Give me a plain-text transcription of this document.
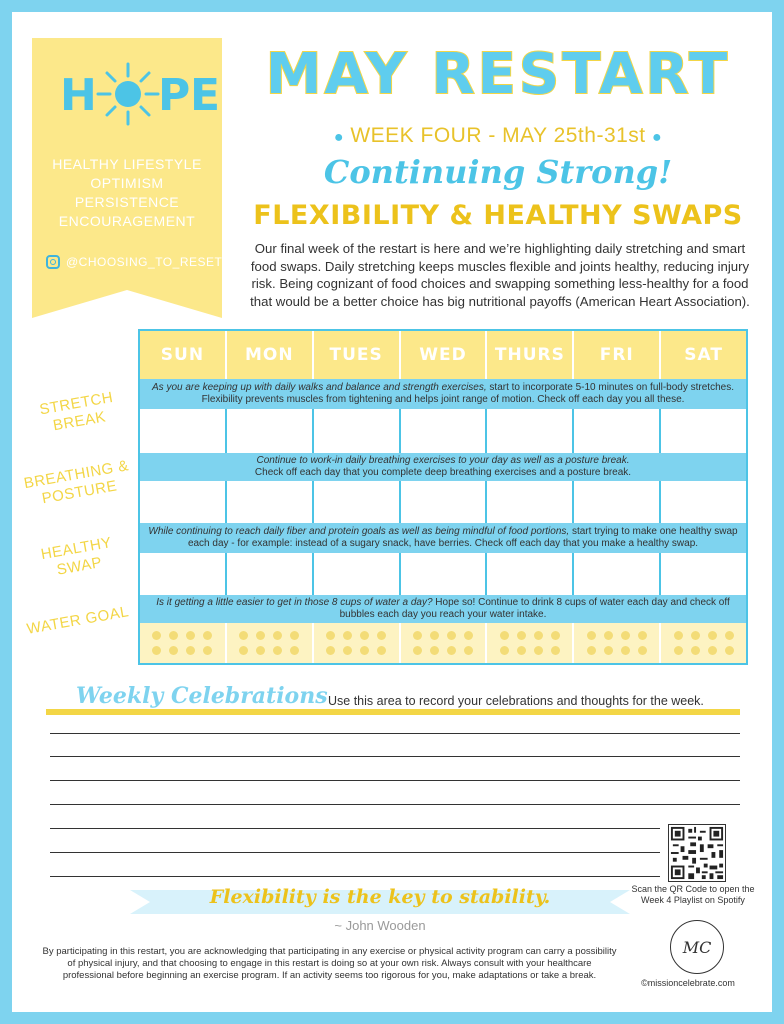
H P
E
HEALTHY LIFESTYLE
OPTIMISM
PERSISTENCE
ENCOURAGEMENT
@CHOOSING_TO_RESET
MAY RESTART
● WEEK FOUR - MAY 25th-31st ●
Continuing Strong!
FLEXIBILITY & HEALTHY SWAPS
Our final week of the restart is here and we’re highlighting daily stretching and smart food swaps. Daily stretching keeps muscles flexible and joints healthy, reducing injury risk. Being cognizant of food choices and swapping something less-healthy for a food that would be a better choice has big nutritional payoffs (American Heart Association).
STRETCH BREAK
BREATHING & POSTURE
HEALTHY SWAP
WATER GOAL
SUN	MON	TUES	WED	THURS	FRI	SAT
As you are keeping up with daily walks and balance and strength exercises, start to incorporate 5-10 minutes on full-body stretches. Flexibility prevents muscles from tightening and helps joint range of motion. Check off each day you all these.
Continue to work-in daily breathing exercises to your day as well as a posture break.
Check off each day that you complete deep breathing exercises and a posture break.
While continuing to reach daily fiber and protein goals as well as being mindful of food portions, start trying to make one healthy swap each day - for example: instead of a sugary snack, have berries. Check off each day that you make a healthy swap.
Is it getting a little easier to get in those 8 cups of water a day? Hope so! Continue to drink 8 cups of water each day and check off bubbles each day you reach your water intake.
Weekly Celebrations Use this area to record your celebrations and thoughts for the week.
Scan the QR Code to open the Week 4 Playlist on Spotify
Flexibility is the key to stability.
~ John Wooden
By participating in this restart, you are acknowledging that participating in any exercise or physical activity program can carry a possibility of physical injury, and that choosing to engage in this restart is doing so at your own risk. Always consult with your healthcare professional before beginning an exercise program. If an activity seems too rigorous for you, make adaptations or take a break.
MC
©missioncelebrate.com
